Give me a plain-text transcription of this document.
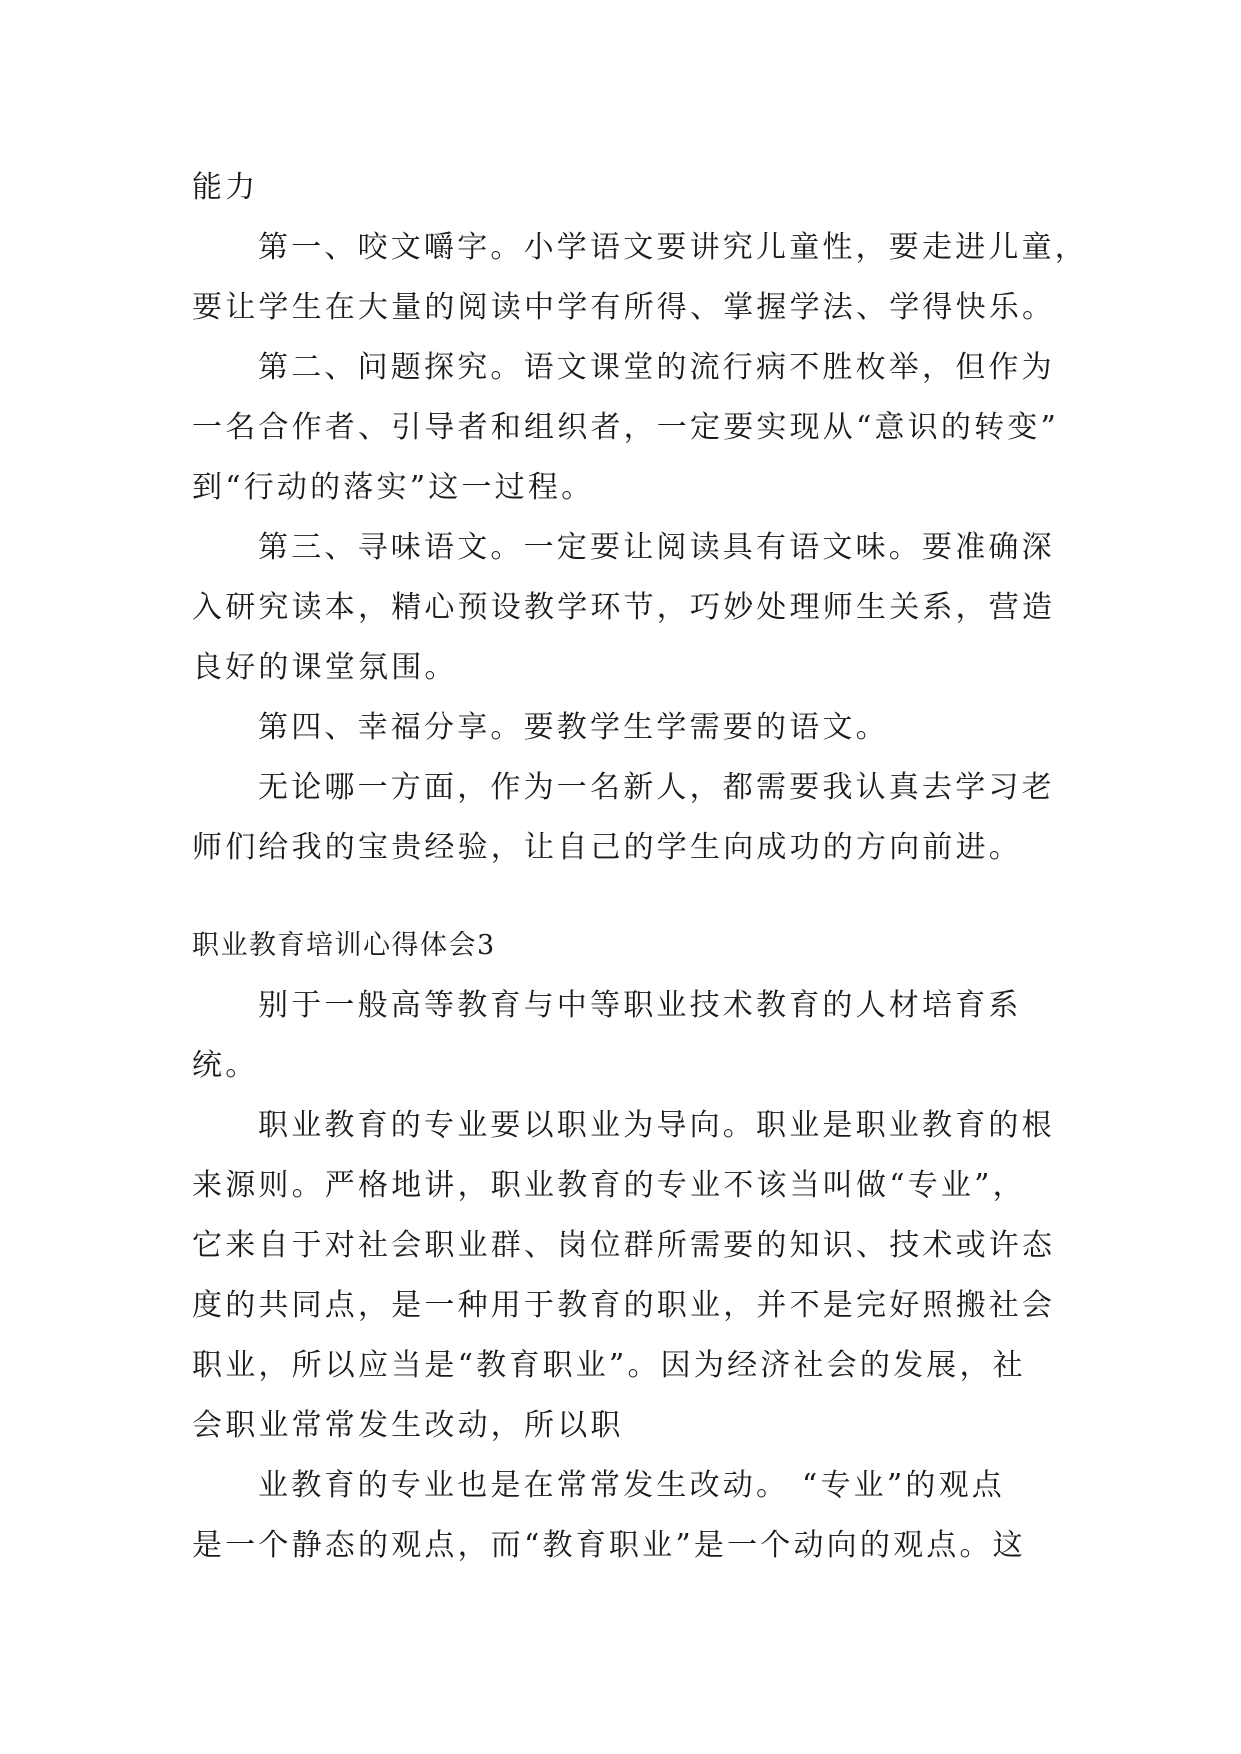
能力
第一、咬文嚼字。小学语文要讲究儿童性，要走进儿童，
要让学生在大量的阅读中学有所得、掌握学法、学得快乐。
第二、问题探究。语文课堂的流行病不胜枚举，但作为
一名合作者、引导者和组织者，一定要实现从“意识的转变”
到“行动的落实”这一过程。
第三、寻味语文。一定要让阅读具有语文味。要准确深
入研究读本，精心预设教学环节，巧妙处理师生关系，营造
良好的课堂氛围。
第四、幸福分享。要教学生学需要的语文。
无论哪一方面，作为一名新人，都需要我认真去学习老
师们给我的宝贵经验，让自己的学生向成功的方向前进。
职业教育培训心得体会3
别于一般高等教育与中等职业技术教育的人材培育系
统。
职业教育的专业要以职业为导向。职业是职业教育的根
来源则。严格地讲，职业教育的专业不该当叫做“专业”，
它来自于对社会职业群、岗位群所需要的知识、技术或许态
度的共同点，是一种用于教育的职业，并不是完好照搬社会
职业，所以应当是“教育职业”。因为经济社会的发展，社
会职业常常发生改动，所以职
业教育的专业也是在常常发生改动。 “专业”的观点
是一个静态的观点，而“教育职业”是一个动向的观点。这
